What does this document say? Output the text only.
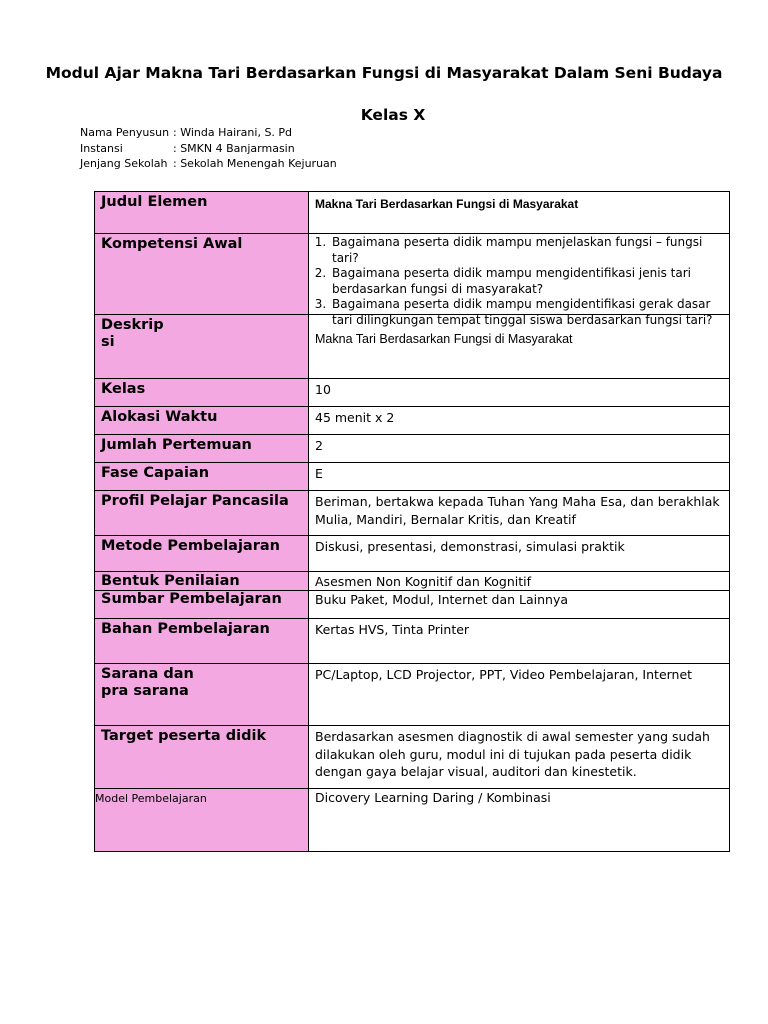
Modul Ajar Makna Tari Berdasarkan Fungsi di Masyarakat Dalam Seni Budaya
Kelas X
Nama Penyusun : Winda Hairani, S. Pd
Instansi	: SMKN 4 Banjarmasin
Jenjang Sekolah : Sekolah Menengah Kejuruan
Judul Elemen	Makna Tari Berdasarkan Fungsi di Masyarakat
Kompetensi Awal
1.	Bagaimana peserta didik mampu menjelaskan fungsi – fungsi tari?
2. Bagaimana peserta didik mampu mengidentifikasi jenis tari berdasarkan fungsi di masyarakat?
3. Bagaimana peserta didik mampu mengidentifikasi gerak dasar tari dilingkungan tempat tinggal siswa berdasarkan fungsi tari?
Deskrip
si	Makna Tari Berdasarkan Fungsi di Masyarakat
Kelas	10
Alokasi Waktu	45 menit x 2
Jumlah Pertemuan	2
Fase Capaian	E
Profil Pelajar Pancasila	Beriman, bertakwa kepada Tuhan Yang Maha Esa, dan berakhlak Mulia, Mandiri, Bernalar Kritis, dan Kreatif
Metode Pembelajaran	Diskusi, presentasi, demonstrasi, simulasi praktik
Bentuk Penilaian	Asesmen Non Kognitif dan Kognitif
Sumbar Pembelajaran	Buku Paket, Modul, Internet dan Lainnya
Bahan Pembelajaran	Kertas HVS, Tinta Printer
Sarana dan
pra sarana
PC/Laptop, LCD Projector, PPT, Video Pembelajaran, Internet
Target peserta didik	Berdasarkan asesmen diagnostik di awal semester yang sudah dilakukan oleh guru, modul ini di tujukan pada peserta didik dengan gaya belajar visual, auditori dan kinestetik.
Model Pembelajaran	Dicovery Learning Daring / Kombinasi
